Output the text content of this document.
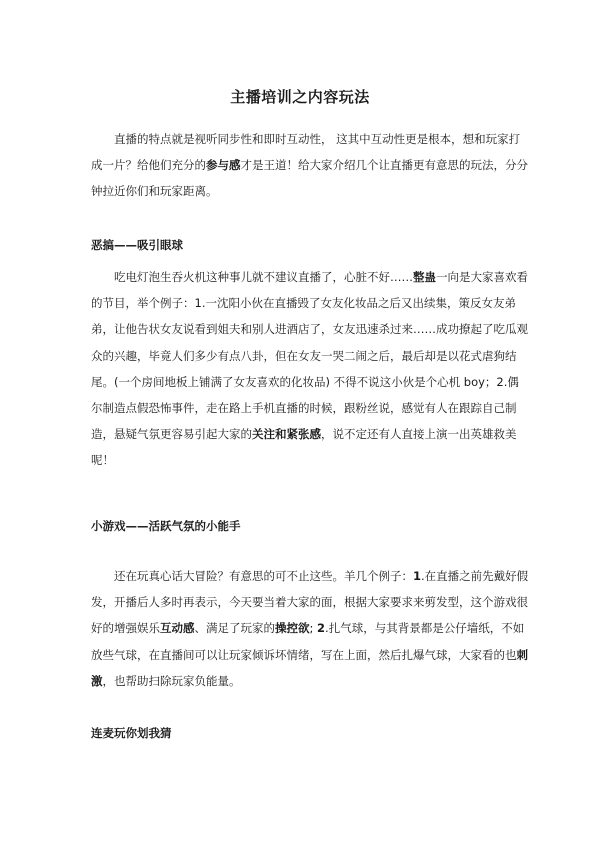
主播培训之内容玩法

直播的特点就是视听同步性和即时互动性， 这其中互动性更是根本，想和玩家打成一片？给他们充分的参与感才是王道！给大家介绍几个让直播更有意思的玩法，分分钟拉近你们和玩家距离。

恶搞——吸引眼球

吃电灯泡生吞火机这种事儿就不建议直播了，心脏不好……整蛊一向是大家喜欢看的节目，举个例子：1.一沈阳小伙在直播毁了女友化妆品之后又出续集，策反女友弟弟，让他告状女友说看到姐夫和别人进酒店了，女友迅速杀过来……成功撩起了吃瓜观众的兴趣，毕竟人们多少有点八卦，但在女友一哭二闹之后，最后却是以花式虐狗结尾。(一个房间地板上铺满了女友喜欢的化妆品) 不得不说这小伙是个心机 boy；2.偶尔制造点假恐怖事件，走在路上手机直播的时候，跟粉丝说，感觉有人在跟踪自己制造，悬疑气氛更容易引起大家的关注和紧张感，说不定还有人直接上演一出英雄救美呢！

小游戏——活跃气氛的小能手

还在玩真心话大冒险？有意思的可不止这些。羊几个例子：1.在直播之前先戴好假发，开播后人多时再表示，今天要当着大家的面，根据大家要求来剪发型，这个游戏很好的增强娱乐互动感、满足了玩家的操控欲; 2.扎气球，与其背景都是公仔墙纸，不如放些气球，在直播间可以让玩家倾诉坏情绪，写在上面，然后扎爆气球，大家看的也刺激，也帮助扫除玩家负能量。

连麦玩你划我猜
